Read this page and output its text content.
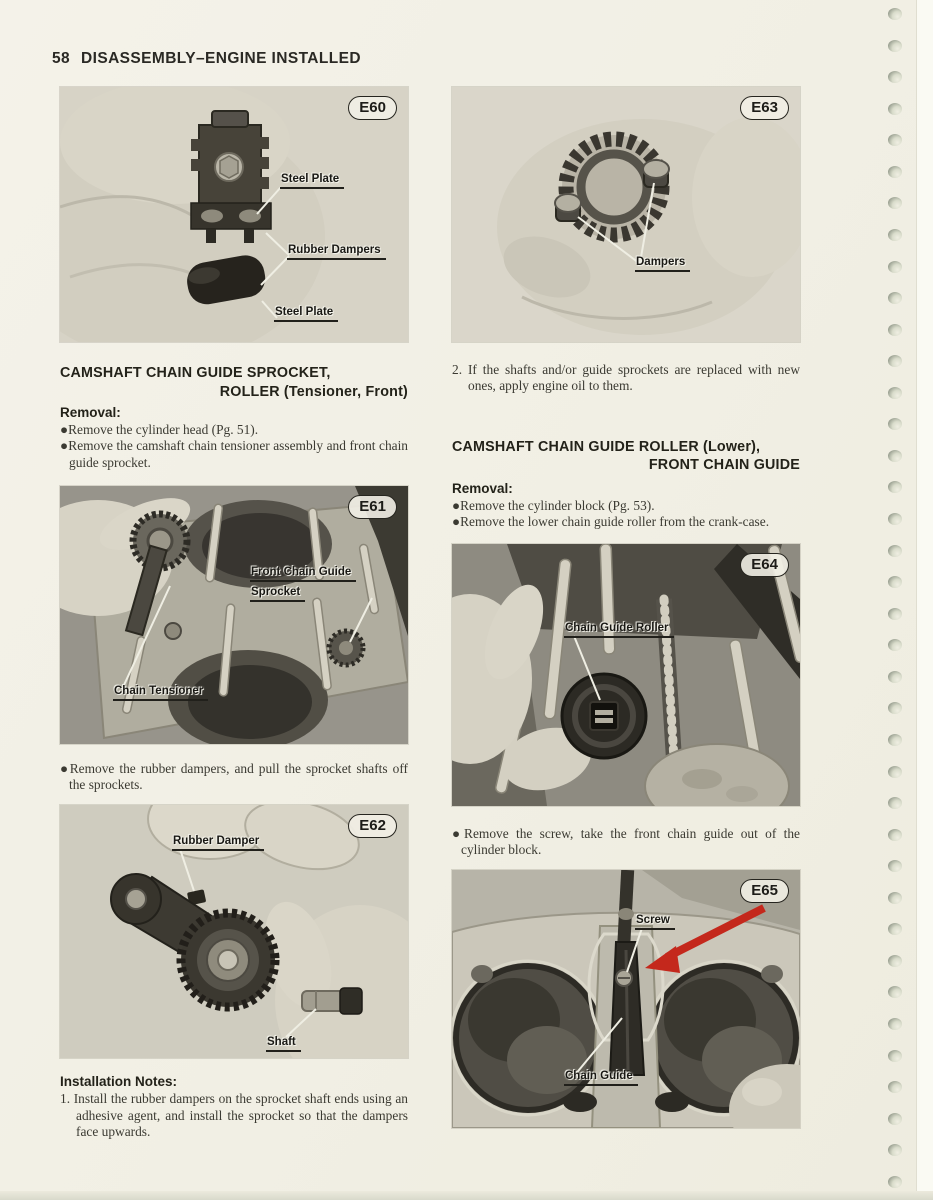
58 DISASSEMBLY–ENGINE INSTALLED
E60
Steel Plate
Rubber Dampers
Steel Plate
CAMSHAFT CHAIN GUIDE SPROCKET,
ROLLER (Tensioner, Front)
Removal:
●Remove the cylinder head (Pg. 51).
●Remove the camshaft chain tensioner assembly and front chain guide sprocket.
E61
Front Chain Guide
Sprocket
Chain Tensioner
●Remove the rubber dampers, and pull the sprocket shafts off the sprockets.
E62
Rubber Damper
Shaft
Installation Notes:
1. Install the rubber dampers on the sprocket shaft ends using an adhesive agent, and install the sprocket so that the dampers face upwards.
E63
Dampers
2. If the shafts and/or guide sprockets are replaced with new ones, apply engine oil to them.
CAMSHAFT CHAIN GUIDE ROLLER (Lower),
FRONT CHAIN GUIDE
Removal:
●Remove the cylinder block (Pg. 53).
●Remove the lower chain guide roller from the crank-case.
E64
Chain Guide Roller
●Remove the screw, take the front chain guide out of the cylinder block.
E65
Screw
Chain Guide
